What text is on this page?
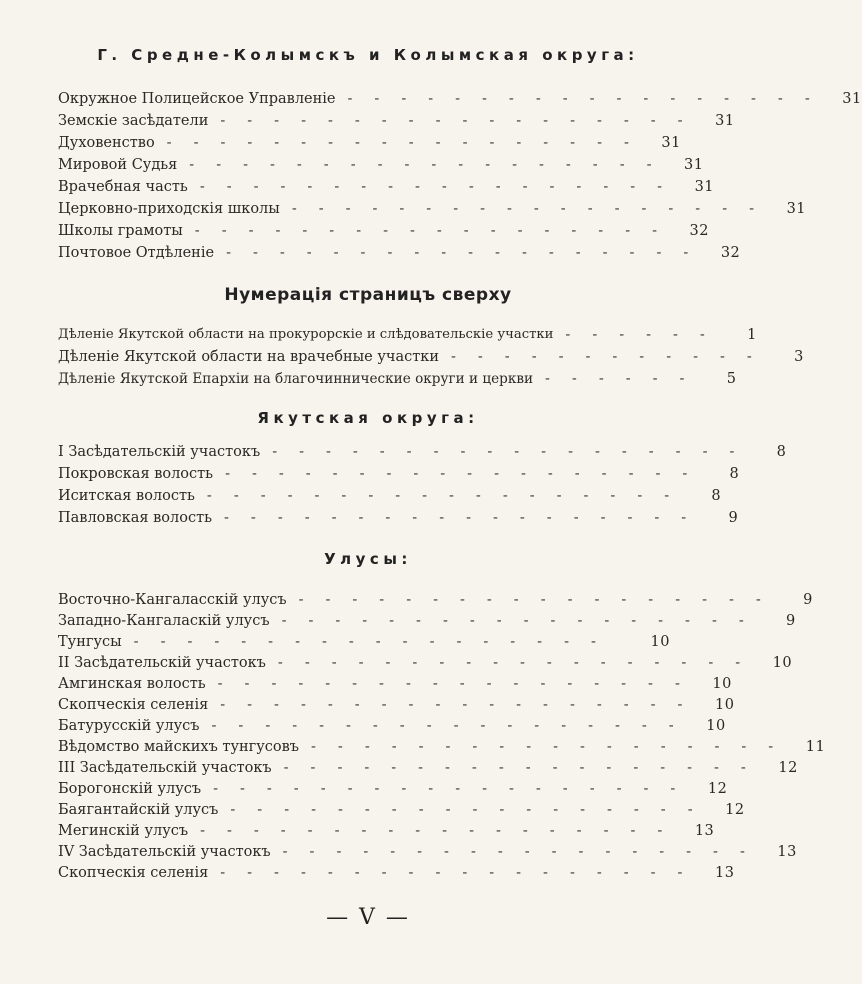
Г. Средне-Колымскъ и Колымская округа:
Окружное Полицейское Управленіе ------------------ 31
Земскіе засѣдатели ------------------ 31
Духовенство ------------------ 31
Мировой Судья ------------------ 31
Врачебная часть ------------------ 31
Церковно-приходскія школы ------------------ 31
Школы грамоты ------------------ 32
Почтовое Отдѣленіе ------------------ 32
Нумерація страницъ сверху
Дѣленіе Якутской области на прокурорскіе и слѣдовательскіе участки ------	1
Дѣленіе Якутской области на врачебные участки ------------	3
Дѣленіе Якутской Епархіи на благочиннические округи и церкви ------	5
Якутская округа:
I Засѣдательскій участокъ ------------------	8
Покровская волость ------------------	8
Иситская волость ------------------	8
Павловская волость ------------------	9
Улусы:
Восточно-Кангаласскій улусъ ------------------	9
Западно-Кангаласкій улусъ ------------------	9
Тунгусы ------------------	10
II Засѣдательскій участокъ ------------------ 10
Амгинская волость ------------------ 10
Скопческія селенія ------------------ 10
Батурусскій улусъ ------------------ 10
Вѣдомство майскихъ тунгусовъ ------------------ 11
III Засѣдательскій участокъ ------------------ 12
Борогонскій улусъ ------------------ 12
Баягантайскій улусъ ------------------ 12
Мегинскій улусъ ------------------ 13
IV Засѣдательскій участокъ ------------------ 13
Скопческія селенія ------------------ 13
— V —
